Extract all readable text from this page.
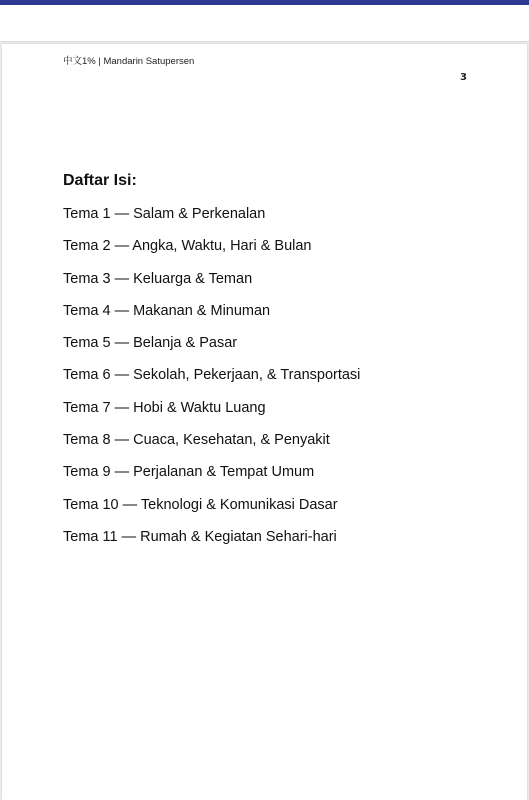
中文1% | Mandarin Satupersen
3
Daftar Isi:
Tema 1 — Salam & Perkenalan
Tema 2 — Angka, Waktu, Hari & Bulan
Tema 3 — Keluarga & Teman
Tema 4 — Makanan & Minuman
Tema 5 — Belanja & Pasar
Tema 6 — Sekolah, Pekerjaan, & Transportasi
Tema 7 — Hobi & Waktu Luang
Tema 8 — Cuaca, Kesehatan, & Penyakit
Tema 9 — Perjalanan & Tempat Umum
Tema 10 — Teknologi & Komunikasi Dasar
Tema 11 — Rumah & Kegiatan Sehari-hari
